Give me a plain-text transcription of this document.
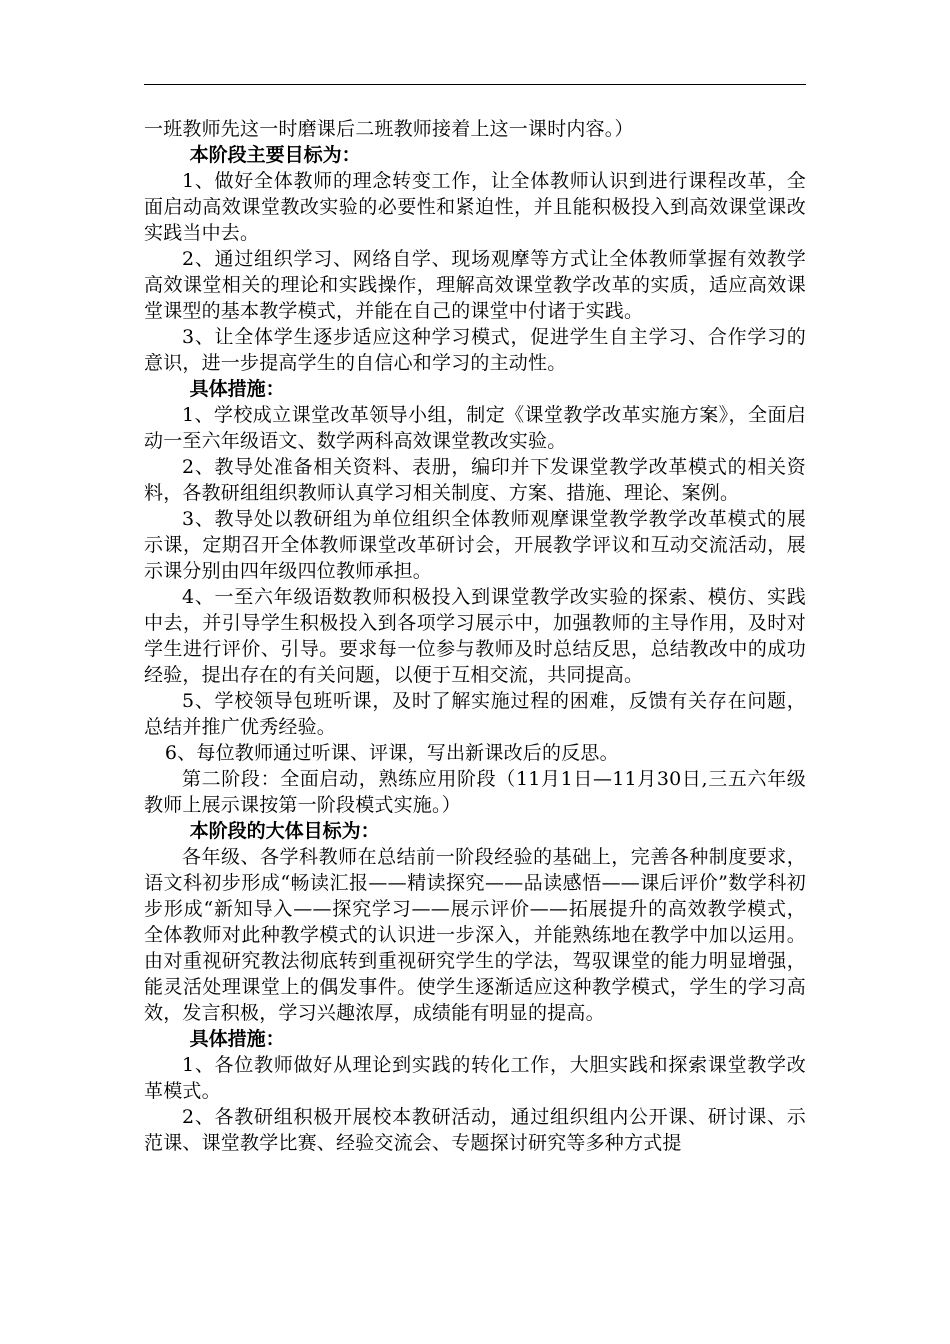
一班教师先这一时磨课后二班教师接着上这一课时内容。）

本阶段主要目标为：

1、做好全体教师的理念转变工作，让全体教师认识到进行课程改革，全面启动高效课堂教改实验的必要性和紧迫性，并且能积极投入到高效课堂课改实践当中去。

2、通过组织学习、网络自学、现场观摩等方式让全体教师掌握有效教学高效课堂相关的理论和实践操作，理解高效课堂教学改革的实质，适应高效课堂课型的基本教学模式，并能在自己的课堂中付诸于实践。

3、让全体学生逐步适应这种学习模式，促进学生自主学习、合作学习的意识，进一步提高学生的自信心和学习的主动性。

具体措施：

1、学校成立课堂改革领导小组，制定《课堂教学改革实施方案》，全面启动一至六年级语文、数学两科高效课堂教改实验。

2、教导处准备相关资料、表册，编印并下发课堂教学改革模式的相关资料，各教研组组织教师认真学习相关制度、方案、措施、理论、案例。

3、教导处以教研组为单位组织全体教师观摩课堂教学教学改革模式的展示课，定期召开全体教师课堂改革研讨会，开展教学评议和互动交流活动，展示课分别由四年级四位教师承担。

4、一至六年级语数教师积极投入到课堂教学改实验的探索、模仿、实践中去，并引导学生积极投入到各项学习展示中，加强教师的主导作用，及时对学生进行评价、引导。要求每一位参与教师及时总结反思，总结教改中的成功经验，提出存在的有关问题，以便于互相交流，共同提高。

5、学校领导包班听课，及时了解实施过程的困难，反馈有关存在问题，总结并推广优秀经验。

6、每位教师通过听课、评课，写出新课改后的反思。

第二阶段：全面启动，熟练应用阶段（11月1日—11月30日,三五六年级教师上展示课按第一阶段模式实施。）

本阶段的大体目标为：

各年级、各学科教师在总结前一阶段经验的基础上，完善各种制度要求，语文科初步形成“畅读汇报——精读探究——品读感悟——课后评价”数学科初步形成“新知导入——探究学习——展示评价——拓展提升的高效教学模式，全体教师对此种教学模式的认识进一步深入，并能熟练地在教学中加以运用。由对重视研究教法彻底转到重视研究学生的学法，驾驭课堂的能力明显增强，能灵活处理课堂上的偶发事件。使学生逐渐适应这种教学模式，学生的学习高效，发言积极，学习兴趣浓厚，成绩能有明显的提高。

具体措施：

1、各位教师做好从理论到实践的转化工作，大胆实践和探索课堂教学改革模式。

2、各教研组积极开展校本教研活动，通过组织组内公开课、研讨课、示范课、课堂教学比赛、经验交流会、专题探讨研究等多种方式提
